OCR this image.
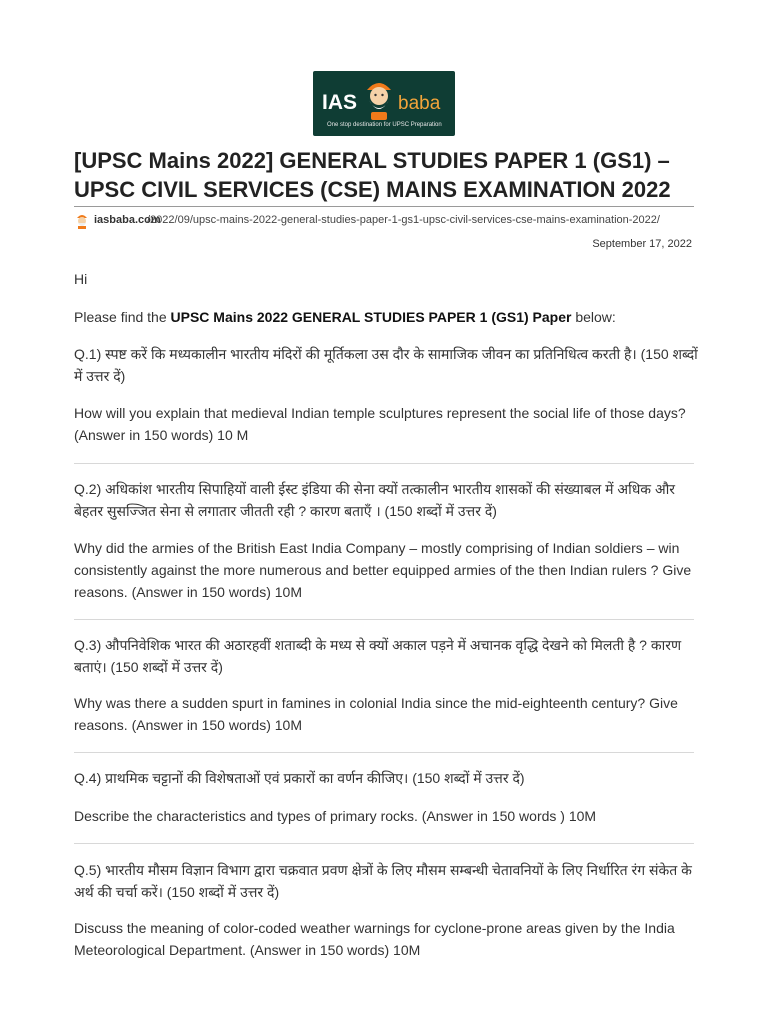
IAS baba
One stop destination for UPSC Preparation
[UPSC Mains 2022] GENERAL STUDIES PAPER 1 (GS1) – UPSC CIVIL SERVICES (CSE) MAINS EXAMINATION 2022
iasbaba.com
/2022/09/upsc-mains-2022-general-studies-paper-1-gs1-upsc-civil-services-cse-mains-examination-2022/
September 17, 2022

Hi

Please find the UPSC Mains 2022 GENERAL STUDIES PAPER 1 (GS1) Paper below:

Q.1) स्पष्ट करें कि मध्यकालीन भारतीय मंदिरों की मूर्तिकला उस दौर के सामाजिक जीवन का प्रतिनिधित्व करती है। (150 शब्दों में उत्तर दें)

How will you explain that medieval Indian temple sculptures represent the social life of those days? (Answer in 150 words) 10 M

Q.2) अधिकांश भारतीय सिपाहियों वाली ईस्ट इंडिया की सेना क्यों तत्कालीन भारतीय शासकों की संख्याबल में अधिक और बेहतर सुसज्जित सेना से लगातार जीतती रही ? कारण बताएँ । (150 शब्दों में उत्तर दें)

Why did the armies of the British East India Company – mostly comprising of Indian soldiers – win consistently against the more numerous and better equipped armies of the then Indian rulers ? Give reasons. (Answer in 150 words) 10M

Q.3) औपनिवेशिक भारत की अठारहवीं शताब्दी के मध्य से क्यों अकाल पड़ने में अचानक वृद्धि देखने को मिलती है ? कारण बताएं। (150 शब्दों में उत्तर दें)

Why was there a sudden spurt in famines in colonial India since the mid-eighteenth century? Give reasons. (Answer in 150 words) 10M

Q.4) प्राथमिक चट्टानों की विशेषताओं एवं प्रकारों का वर्णन कीजिए। (150 शब्दों में उत्तर दें)

Describe the characteristics and types of primary rocks. (Answer in 150 words ) 10M

Q.5) भारतीय मौसम विज्ञान विभाग द्वारा चक्रवात प्रवण क्षेत्रों के लिए मौसम सम्बन्धी चेतावनियों के लिए निर्धारित रंग संकेत के अर्थ की चर्चा करें। (150 शब्दों में उत्तर दें)

Discuss the meaning of color-coded weather warnings for cyclone-prone areas given by the India Meteorological Department. (Answer in 150 words) 10M
